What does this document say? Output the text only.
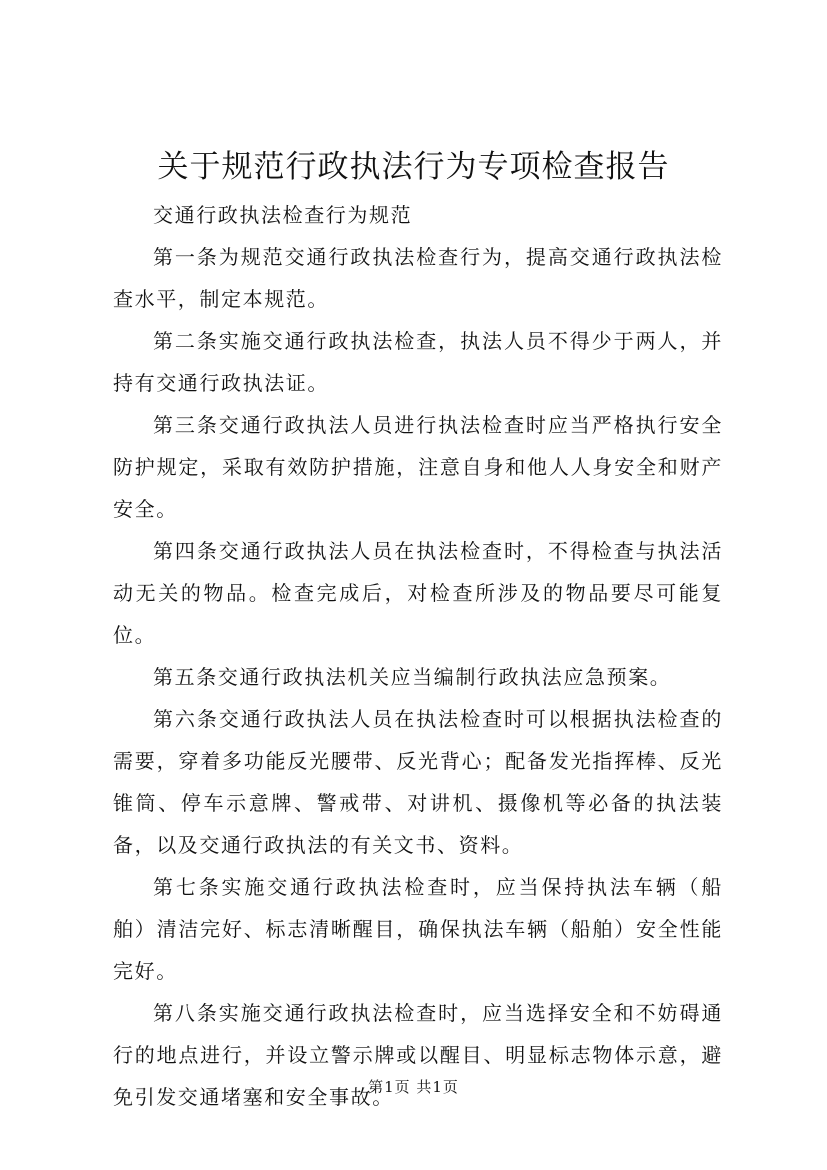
关于规范行政执法行为专项检查报告

交通行政执法检查行为规范

第一条为规范交通行政执法检查行为，提高交通行政执法检查水平，制定本规范。

第二条实施交通行政执法检查，执法人员不得少于两人，并持有交通行政执法证。

第三条交通行政执法人员进行执法检查时应当严格执行安全防护规定，采取有效防护措施，注意自身和他人人身安全和财产安全。

第四条交通行政执法人员在执法检查时，不得检查与执法活动无关的物品。检查完成后，对检查所涉及的物品要尽可能复位。

第五条交通行政执法机关应当编制行政执法应急预案。

第六条交通行政执法人员在执法检查时可以根据执法检查的需要，穿着多功能反光腰带、反光背心；配备发光指挥棒、反光锥筒、停车示意牌、警戒带、对讲机、摄像机等必备的执法装备，以及交通行政执法的有关文书、资料。

第七条实施交通行政执法检查时，应当保持执法车辆（船舶）清洁完好、标志清晰醒目，确保执法车辆（船舶）安全性能完好。

第八条实施交通行政执法检查时，应当选择安全和不妨碍通行的地点进行，并设立警示牌或以醒目、明显标志物体示意，避免引发交通堵塞和安全事故。

第1页 共1页
